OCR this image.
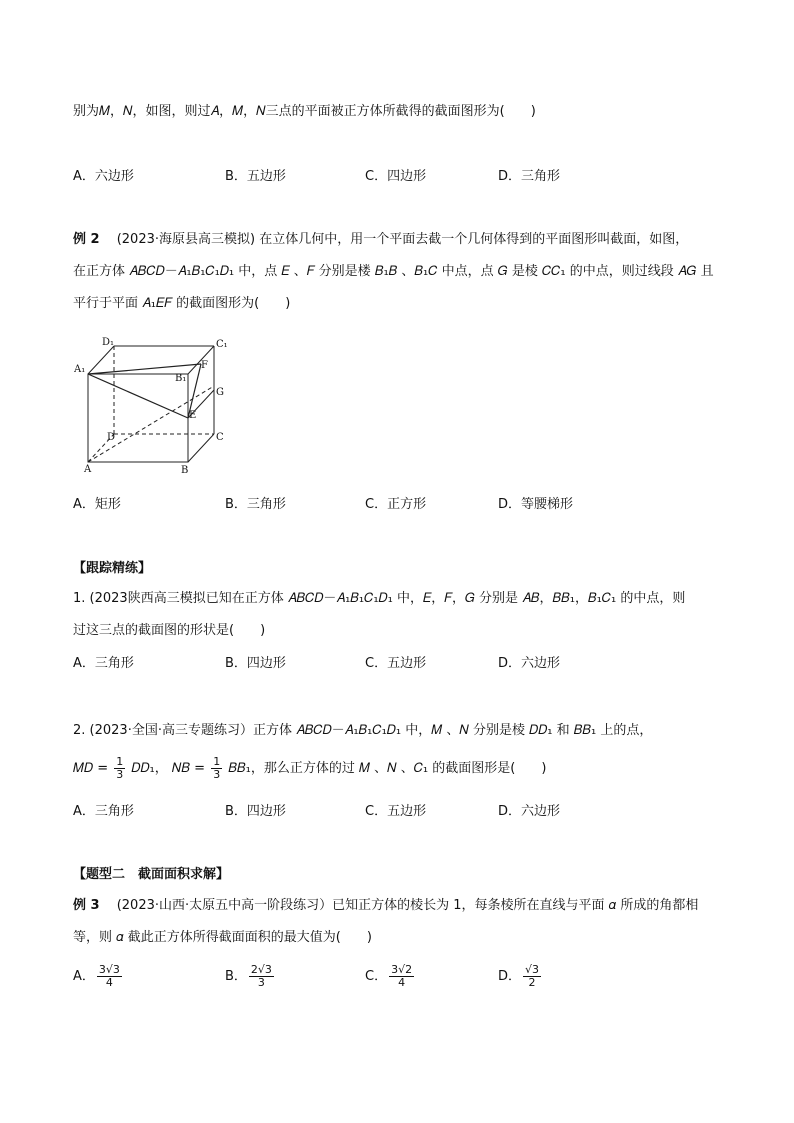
别为𝑀，𝑁，如图，则过𝐴，𝑀，𝑁三点的平面被正方体所截得的截面图形为(　　)
A．六边形	B．五边形	C．四边形	D．三角形
例 2　 (2023·海原县高三模拟) 在立体几何中，用一个平面去截一个几何体得到的平面图形叫截面，如图，
在正方体 𝐴𝐵𝐶𝐷－𝐴₁𝐵₁𝐶₁𝐷₁ 中，点 𝐸 、𝐹 分别是楼 𝐵₁𝐵 、𝐵₁𝐶 中点，点 𝐺 是棱 𝐶𝐶₁ 的中点，则过线段 𝐴𝐺 且
平行于平面 𝐴₁𝐸𝐹 的截面图形为(　　)
D₁	C₁
A₁
B₁
F
G
E
D	C
A	B
A．矩形	B．三角形	C．正方形	D．等腰梯形
【跟踪精练】
1. (2023陕西高三模拟已知在正方体 𝐴𝐵𝐶𝐷－𝐴₁𝐵₁𝐶₁𝐷₁ 中，𝐸，𝐹，𝐺 分别是 𝐴𝐵，𝐵𝐵₁，𝐵₁𝐶₁ 的中点，则
过这三点的截面图的形状是(　　)
A．三角形	B．四边形	C．五边形	D．六边形
2. (2023·全国·高三专题练习）正方体 𝐴𝐵𝐶𝐷－𝐴₁𝐵₁𝐶₁𝐷₁ 中，𝑀 、𝑁 分别是棱 𝐷𝐷₁ 和 𝐵𝐵₁ 上的点，
𝑀𝐷 = $\frac{1}{3}$ 𝐷𝐷₁， 𝑁𝐵 = $\frac{1}{3}$ 𝐵𝐵₁，那么正方体的过 𝑀 、𝑁 、𝐶₁ 的截面图形是(　　)
A．三角形	B．四边形	C．五边形	D．六边形
【题型二　截面面积求解】
例 3　 (2023·山西·太原五中高一阶段练习）已知正方体的棱长为 1，每条棱所在直线与平面 𝛼 所成的角都相
等，则 𝛼 截此正方体所得截面面积的最大值为(　　)
A． $\frac{3√3}{4}$	B． $\frac{2√3}{3}$	C． $\frac{3√2}{4}$	D． $\frac{√3}{2}$
